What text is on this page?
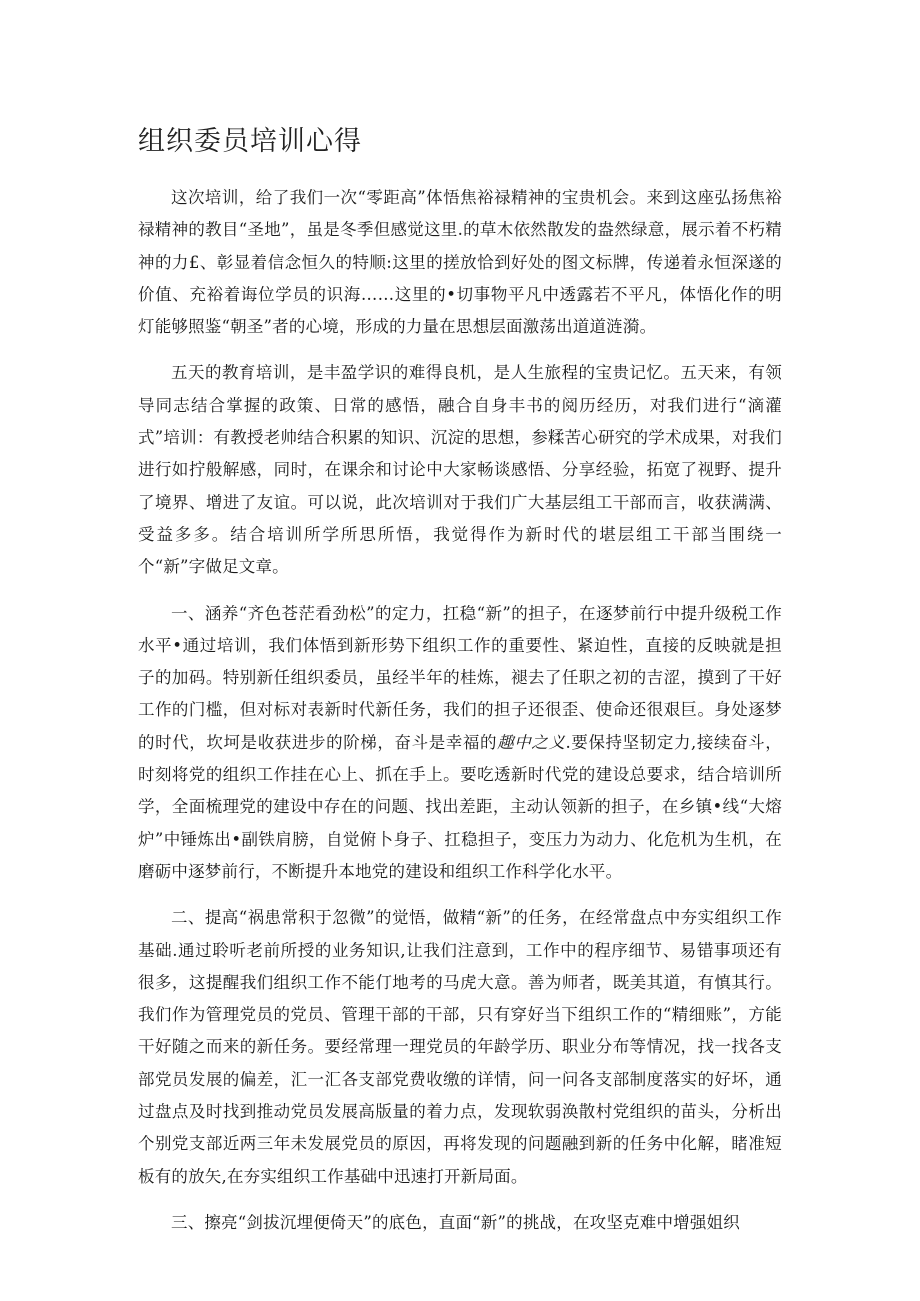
组织委员培训心得

这次培训，给了我们一次“零距高”体悟焦裕禄精神的宝贵机会。来到这座弘扬焦裕禄精神的教目“圣地”，虽是冬季但感觉这里.的草木依然散发的盎然绿意，展示着不朽精神的力£、彰显着信念恒久的特顺:这里的搓放恰到好处的图文标牌，传递着永恒深遂的价值、充裕着诲位学员的识海……这里的•切事物平凡中透露若不平凡，体悟化作的明灯能够照鉴“朝圣”者的心境，形成的力量在思想层面激荡出道道涟漪。

五天的教育培训，是丰盈学识的难得良机，是人生旅程的宝贵记忆。五天来，有领导同志结合掌握的政策、日常的感悟，融合自身丰书的阅历经历，对我们进行“滴灌式”培训：有教授老帅结合积累的知识、沉淀的思想，参糅苦心研究的学术成果，对我们进行如拧般解感，同时，在课余和讨论中大家畅谈感悟、分享经验，拓宽了视野、提升了境界、增进了友谊。可以说，此次培训对于我们广大基层组工干部而言，收获满满、受益多多。结合培训所学所思所悟，我觉得作为新时代的堪层组工干部当围绕一个“新”字做足文章。

一、涵养“齐色苍茫看劲松”的定力，扛稳“新”的担子，在逐梦前行中提升级税工作水平•通过培训，我们体悟到新形势下组织工作的重要性、紧迫性，直接的反映就是担子的加码。特别新任组织委员，虽经半年的桂炼，褪去了任职之初的吉涩，摸到了干好工作的门槛，但对标对表新时代新任务，我们的担子还很歪、使命还很艰巨。身处逐梦的时代，坎坷是收获进步的阶梯，奋斗是幸福的趣中之义.要保持坚韧定力,接续奋斗，时刻将党的组织工作挂在心上、抓在手上。要吃透新时代党的建设总要求，结合培训所学，全面梳理党的建设中存在的问题、找出差距，主动认领新的担子，在乡镇•线“大熔炉”中锤炼出•副铁肩膀，自觉俯卜身子、扛稳担子，变压力为动力、化危机为生机，在磨砺中逐梦前行，不断提升本地党的建设和组织工作科学化水平。

二、提高“祸患常积于忽微”的觉悟，做精“新”的任务，在经常盘点中夯实组织工作基础.通过聆听老前所授的业务知识,让我们注意到，工作中的程序细节、易错事项还有很多，这提醒我们组织工作不能仃地考的马虎大意。善为师者，既美其道，有慎其行。我们作为管理党员的党员、管理干部的干部，只有穿好当下组织工作的“精细账”，方能干好随之而来的新任务。要经常理一理党员的年龄学历、职业分布等情况，找一找各支部党员发展的偏差，汇一汇各支部党费收缴的详情，问一问各支部制度落实的好坏，通过盘点及时找到推动党员发展高版量的着力点，发现软弱涣散村党组织的苗头，分析出个别党支部近两三年未发展党员的原因，再将发现的问题融到新的任务中化解，睹准短板有的放矢,在夯实组织工作基础中迅速打开新局面。

三、擦亮“剑拔沉埋便倚天”的底色，直面“新”的挑战，在攻坚克难中增强姐织
